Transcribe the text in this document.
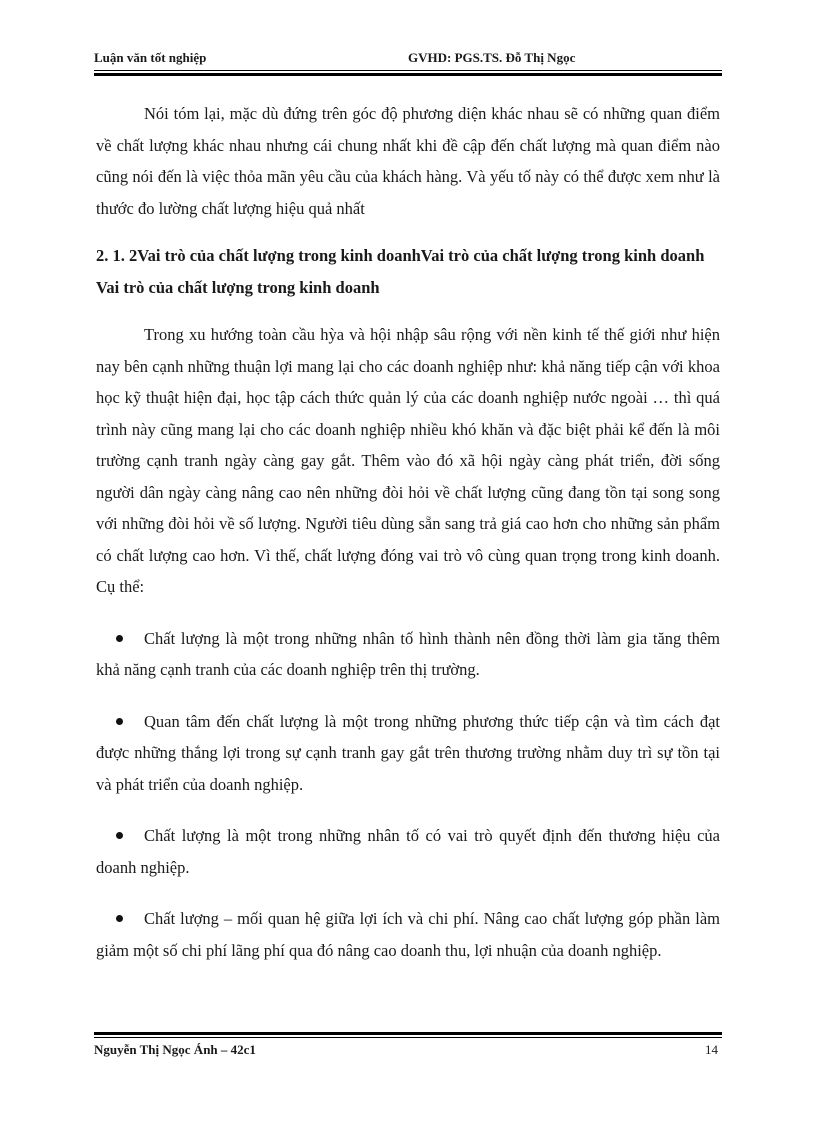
Luận văn tốt nghiệp	GVHD: PGS.TS. Đỗ Thị Ngọc

Nói tóm lại, mặc dù đứng trên góc độ phương diện khác nhau sẽ có những quan điểm về chất lượng khác nhau nhưng cái chung nhất khi đề cập đến chất lượng mà quan điểm nào cũng nói đến là việc thỏa mãn yêu cầu của khách hàng. Và yếu tố này có thể được xem như là thước đo lường chất lượng hiệu quả nhất

2. 1. 2Vai trò của chất lượng trong kinh doanhVai trò của chất lượng trong kinh doanh Vai trò của chất lượng trong kinh doanh

Trong xu hướng toàn cầu hỳa và hội nhập sâu rộng với nền kinh tế thế giới như hiện nay bên cạnh những thuận lợi mang lại cho các doanh nghiệp như: khả năng tiếp cận với khoa học kỹ thuật hiện đại, học tập cách thức quản lý của các doanh nghiệp nước ngoài … thì quá trình này cũng mang lại cho các doanh nghiệp nhiều khó khăn và đặc biệt phải kể đến là môi trường cạnh tranh ngày càng gay gắt. Thêm vào đó xã hội ngày càng phát triển, đời sống người dân ngày càng nâng cao nên những đòi hỏi về chất lượng cũng đang tồn tại song song với những đòi hỏi về số lượng. Người tiêu dùng sẵn sang trả giá cao hơn cho những sản phẩm có chất lượng cao hơn. Vì thế, chất lượng đóng vai trò vô cùng quan trọng trong kinh doanh. Cụ thể:

Chất lượng là một trong những nhân tố hình thành nên đồng thời làm gia tăng thêm khả năng cạnh tranh của các doanh nghiệp trên thị trường.

Quan tâm đến chất lượng là một trong những phương thức tiếp cận và tìm cách đạt được những thắng lợi trong sự cạnh tranh gay gắt trên thương trường nhằm duy trì sự tồn tại và phát triển của doanh nghiệp.

Chất lượng là một trong những nhân tố có vai trò quyết định đến thương hiệu của doanh nghiệp.

Chất lượng – mối quan hệ giữa lợi ích và chi phí. Nâng cao chất lượng góp phần làm giảm một số chi phí lãng phí qua đó nâng cao doanh thu, lợi nhuận của doanh nghiệp.

Nguyễn Thị Ngọc Ánh – 42c1	14
